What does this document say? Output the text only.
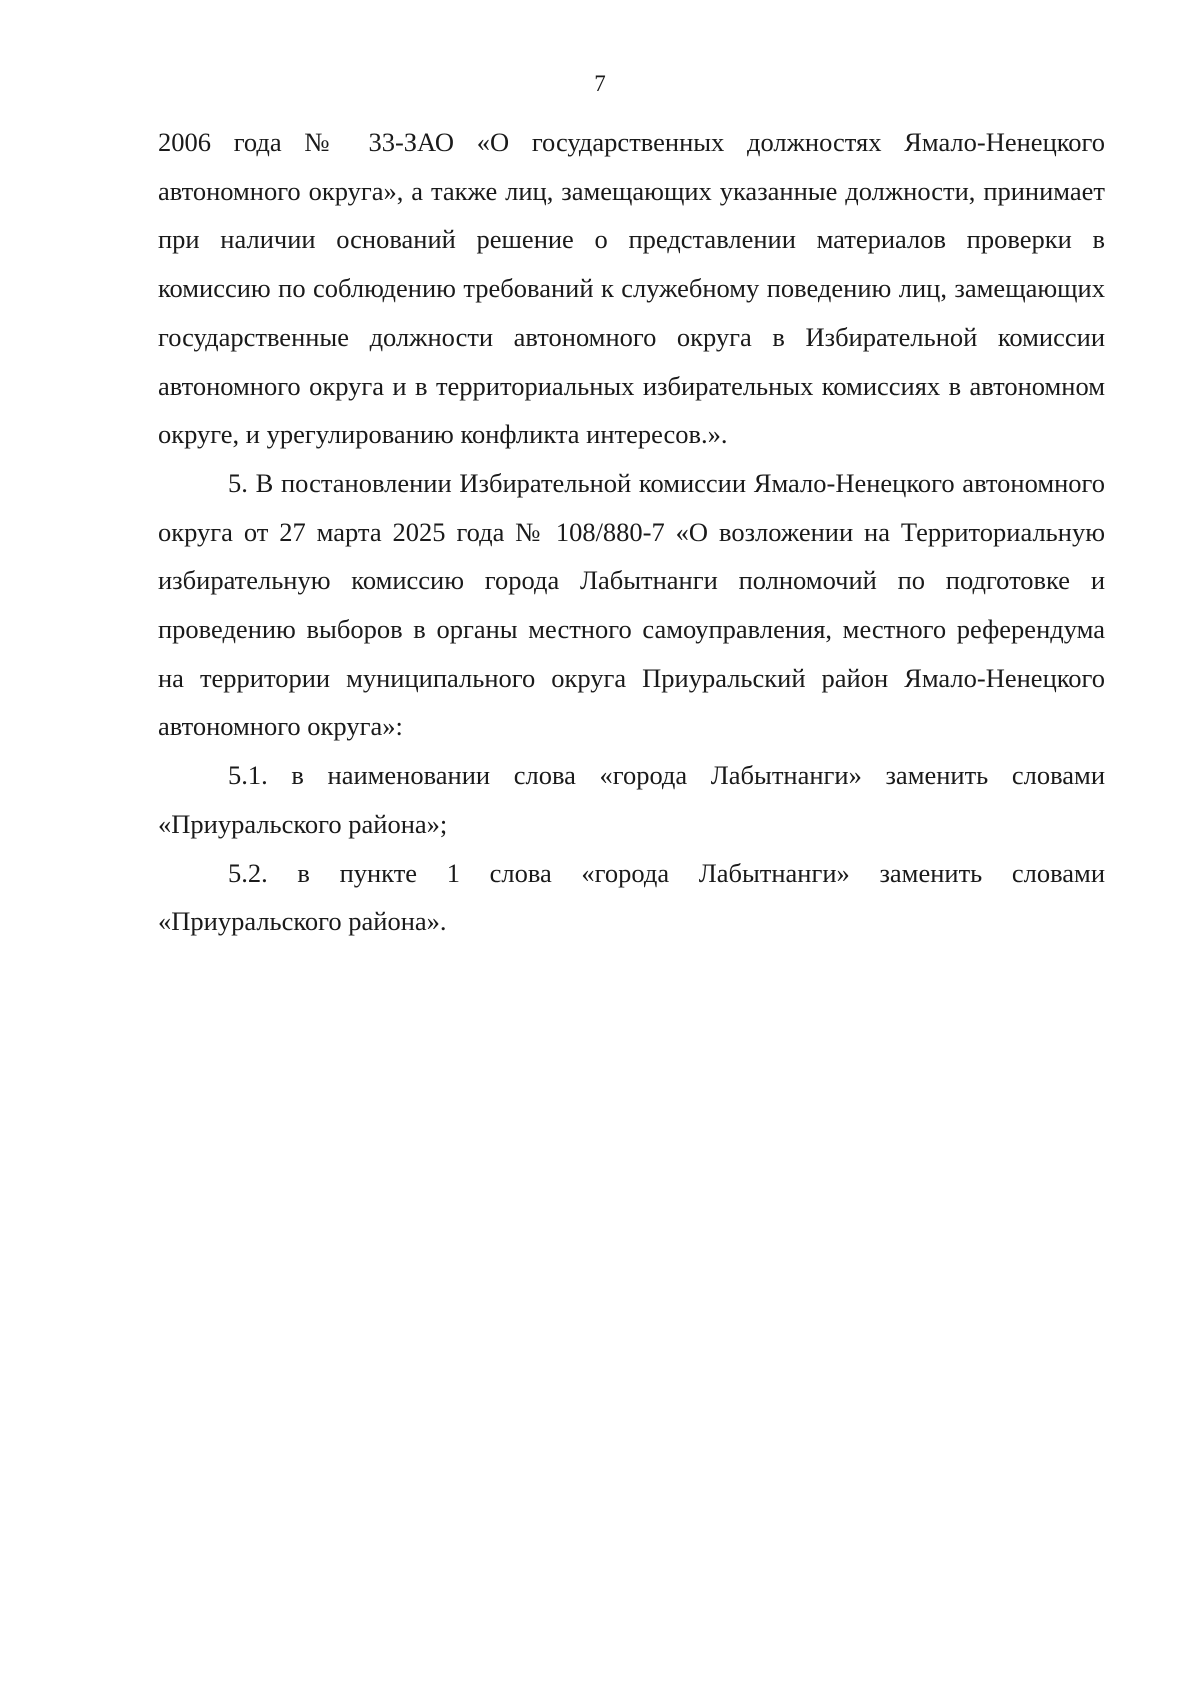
7

2006 года № 33-ЗАО «О государственных должностях Ямало-Ненецкого автономного округа», а также лиц, замещающих указанные должности, принимает при наличии оснований решение о представлении материалов проверки в комиссию по соблюдению требований к служебному поведению лиц, замещающих государственные должности автономного округа в Избирательной комиссии автономного округа и в территориальных избирательных комиссиях в автономном округе, и урегулированию конфликта интересов.».

5. В постановлении Избирательной комиссии Ямало-Ненецкого автономного округа от 27 марта 2025 года № 108/880-7 «О возложении на Территориальную избирательную комиссию города Лабытнанги полномочий по подготовке и проведению выборов в органы местного самоуправления, местного референдума на территории муниципального округа Приуральский район Ямало-Ненецкого автономного округа»:

5.1. в наименовании слова «города Лабытнанги» заменить словами «Приуральского района»;

5.2. в пункте 1 слова «города Лабытнанги» заменить словами «Приуральского района».
